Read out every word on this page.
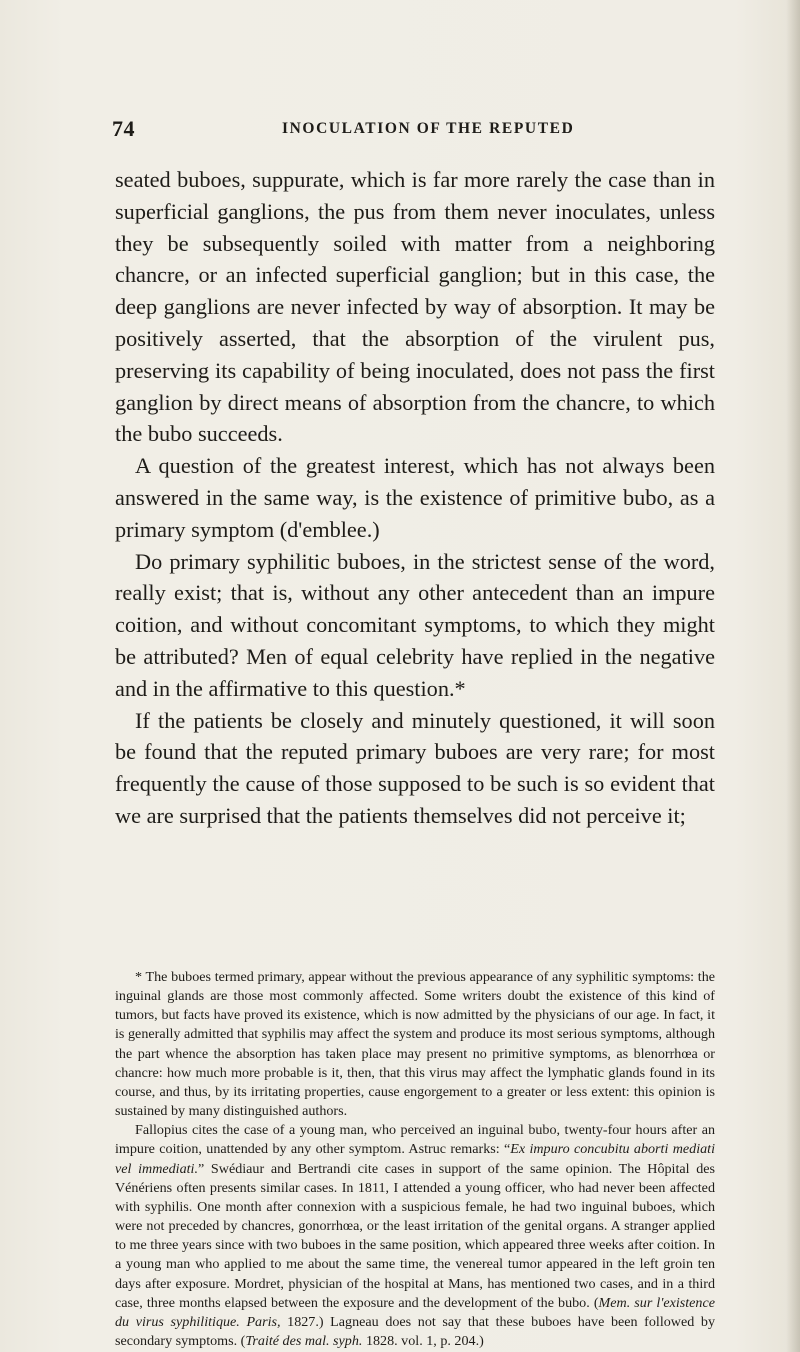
74	INOCULATION OF THE REPUTED

seated buboes, suppurate, which is far more rarely the case than in superficial ganglions, the pus from them never inoculates, unless they be subsequently soiled with matter from a neighboring chancre, or an infected superficial ganglion; but in this case, the deep ganglions are never infected by way of absorption. It may be positively asserted, that the absorption of the virulent pus, preserving its capability of being inoculated, does not pass the first ganglion by direct means of absorption from the chancre, to which the bubo succeeds.

A question of the greatest interest, which has not always been answered in the same way, is the existence of primitive bubo, as a primary symptom (d'emblee.)

Do primary syphilitic buboes, in the strictest sense of the word, really exist; that is, without any other antecedent than an impure coition, and without concomitant symptoms, to which they might be attributed? Men of equal celebrity have replied in the negative and in the affirmative to this question.*

If the patients be closely and minutely questioned, it will soon be found that the reputed primary buboes are very rare; for most frequently the cause of those supposed to be such is so evident that we are surprised that the patients themselves did not perceive it;

* The buboes termed primary, appear without the previous appearance of any syphilitic symptoms: the inguinal glands are those most commonly affected. Some writers doubt the existence of this kind of tumors, but facts have proved its existence, which is now admitted by the physicians of our age. In fact, it is generally admitted that syphilis may affect the system and produce its most serious symptoms, although the part whence the absorption has taken place may present no primitive symptoms, as blenorrhœa or chancre: how much more probable is it, then, that this virus may affect the lymphatic glands found in its course, and thus, by its irritating properties, cause engorgement to a greater or less extent: this opinion is sustained by many distinguished authors.

Fallopius cites the case of a young man, who perceived an inguinal bubo, twenty-four hours after an impure coition, unattended by any other symptom. Astruc remarks: “Ex impuro concubitu aborti mediati vel immediati.” Swédiaur and Bertrandi cite cases in support of the same opinion. The Hôpital des Vénériens often presents similar cases. In 1811, I attended a young officer, who had never been affected with syphilis. One month after connexion with a suspicious female, he had two inguinal buboes, which were not preceded by chancres, gonorrhœa, or the least irritation of the genital organs. A stranger applied to me three years since with two buboes in the same position, which appeared three weeks after coition. In a young man who applied to me about the same time, the venereal tumor appeared in the left groin ten days after exposure. Mordret, physician of the hospital at Mans, has mentioned two cases, and in a third case, three months elapsed between the exposure and the development of the bubo. (Mem. sur l'existence du virus syphilitique. Paris, 1827.) Lagneau does not say that these buboes have been followed by secondary symptoms. (Traité des mal. syph. 1828. vol. 1, p. 204.)
